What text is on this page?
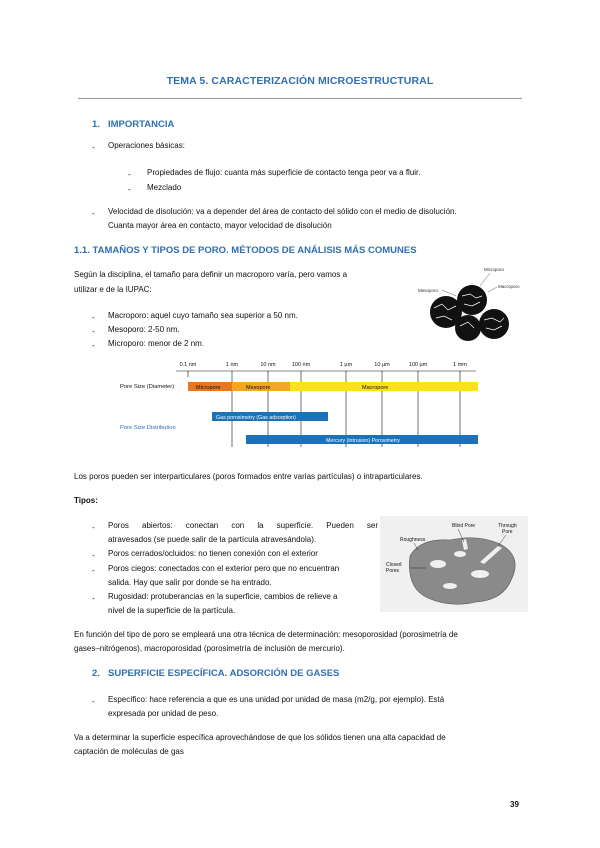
TEMA 5. CARACTERIZACIÓN MICROESTRUCTURAL
1. IMPORTANCIA
- Operaciones básicas:
- Propiedades de flujo: cuanta más superficie de contacto tenga peor va a fluir.
- Mezclado
- Velocidad de disolución: va a depender del área de contacto del sólido con el medio de disolución.
Cuanta mayor área en contacto, mayor velocidad de disolución
1.1. TAMAÑOS Y TIPOS DE PORO. MÉTODOS DE ANÁLISIS MÁS COMUNES
Según la disciplina, el tamaño para definir un macroporo varía, pero vamos a
utilizar e de la IUPAC:
- Macroporo: aquel cuyo tamaño sea superior a 50 nm.
- Mesoporo: 2-50 nm.
- Microporo: menor de 2 nm.
Microporo
Mesoporo
Macroporo
0.1 nm	1 nm	10 nm	100 nm	1 µm	10 µm	100 µm	1 mm
Pore Size (Diameter)
Pore Size Distribution
Micropore	Mesopore	Macropore
Gas porosimetry (Gas adsorption)
Mercury (intrusion) Porosimetry
Los poros pueden ser interparticulares (poros formados entre varias partículas) o intraparticulares.
Tipos:
- Poros abiertos: conectan con la superficie. Pueden ser
atravesados (se puede salir de la partícula atravesándola).
- Poros cerrados/ocluidos: no tienen conexión con el exterior
- Poros ciegos: conectados con el exterior pero que no encuentran
salida. Hay que salir por donde se ha entrado.
- Rugosidad: protuberancias en la superficie, cambios de relieve a
nivel de la superficie de la partícula.
Blind Pore	Through
Pore
Roughness
Closed
Pores
En función del tipo de poro se empleará una otra técnica de determinación: mesoporosidad (porosimetría de
gases–nitrógenos), macroporosidad (porosimetría de inclusión de mercurio).
2. SUPERFICIE ESPECÍFICA. ADSORCIÓN DE GASES
- Específico: hace referencia a que es una unidad por unidad de masa (m2/g, por ejemplo). Está
expresada por unidad de peso.
Va a determinar la superficie específica aprovechándose de que los sólidos tienen una alta capacidad de
captación de moléculas de gas
39
